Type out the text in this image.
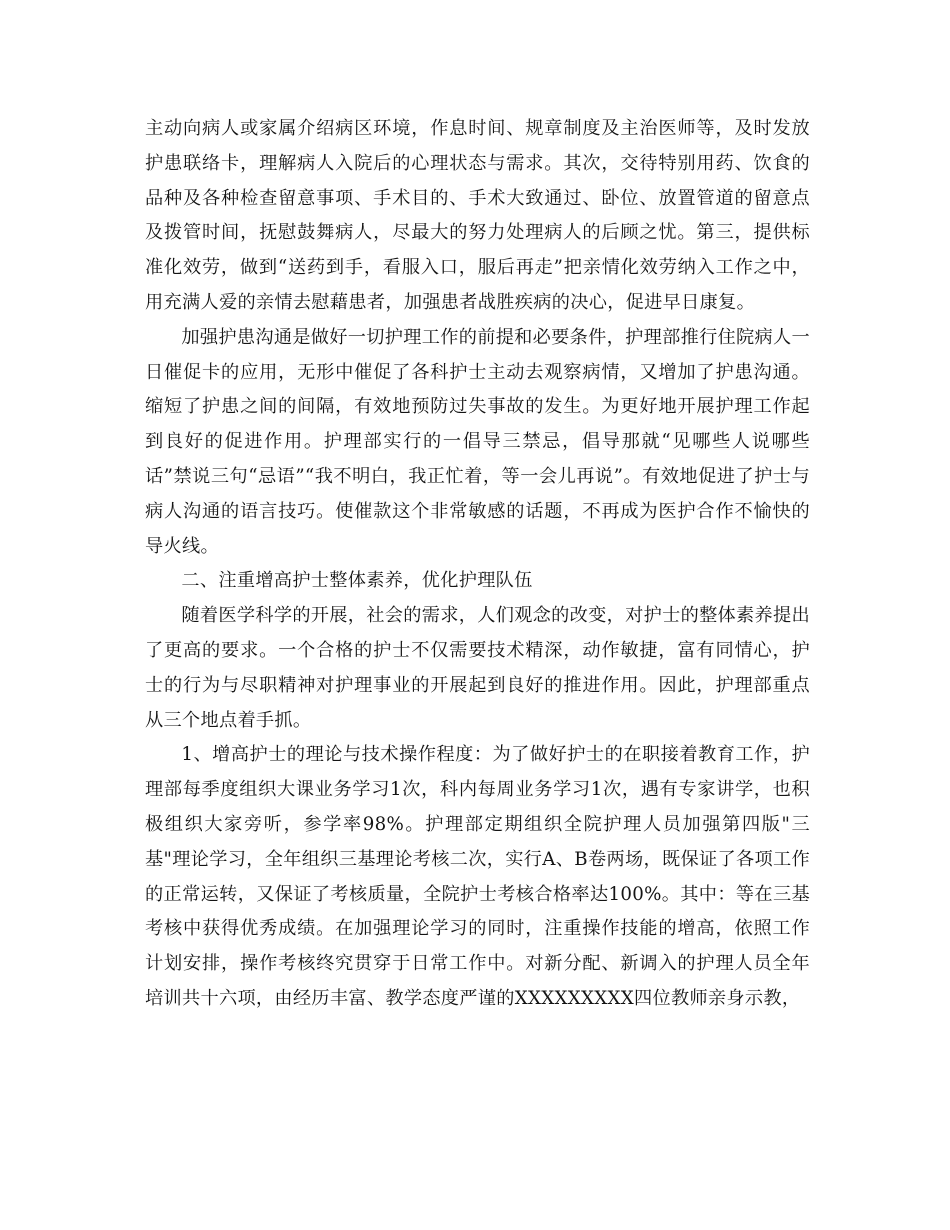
主动向病人或家属介绍病区环境，作息时间、规章制度及主治医师等，及时发放护患联络卡，理解病人入院后的心理状态与需求。其次，交待特别用药、饮食的品种及各种检查留意事项、手术目的、手术大致通过、卧位、放置管道的留意点及拨管时间，抚慰鼓舞病人，尽最大的努力处理病人的后顾之忧。第三，提供标准化效劳，做到“送药到手，看服入口，服后再走”把亲情化效劳纳入工作之中，用充满人爱的亲情去慰藉患者，加强患者战胜疾病的决心，促进早日康复。

加强护患沟通是做好一切护理工作的前提和必要条件，护理部推行住院病人一日催促卡的应用，无形中催促了各科护士主动去观察病情，又增加了护患沟通。缩短了护患之间的间隔，有效地预防过失事故的发生。为更好地开展护理工作起到良好的促进作用。护理部实行的一倡导三禁忌，倡导那就“见哪些人说哪些话”禁说三句“忌语”“我不明白，我正忙着，等一会儿再说”。有效地促进了护士与病人沟通的语言技巧。使催款这个非常敏感的话题，不再成为医护合作不愉快的导火线。

二、注重增高护士整体素养，优化护理队伍

随着医学科学的开展，社会的需求，人们观念的改变，对护士的整体素养提出了更高的要求。一个合格的护士不仅需要技术精深，动作敏捷，富有同情心，护士的行为与尽职精神对护理事业的开展起到良好的推进作用。因此，护理部重点从三个地点着手抓。

1、增高护士的理论与技术操作程度：为了做好护士的在职接着教育工作，护理部每季度组织大课业务学习1次，科内每周业务学习1次，遇有专家讲学，也积极组织大家旁听，参学率98%。护理部定期组织全院护理人员加强第四版"三基"理论学习，全年组织三基理论考核二次，实行A、B卷两场，既保证了各项工作的正常运转，又保证了考核质量，全院护士考核合格率达100%。其中：等在三基考核中获得优秀成绩。在加强理论学习的同时，注重操作技能的增高，依照工作计划安排，操作考核终究贯穿于日常工作中。对新分配、新调入的护理人员全年培训共十六项，由经历丰富、教学态度严谨的XXXXXXXXX四位教师亲身示教，
